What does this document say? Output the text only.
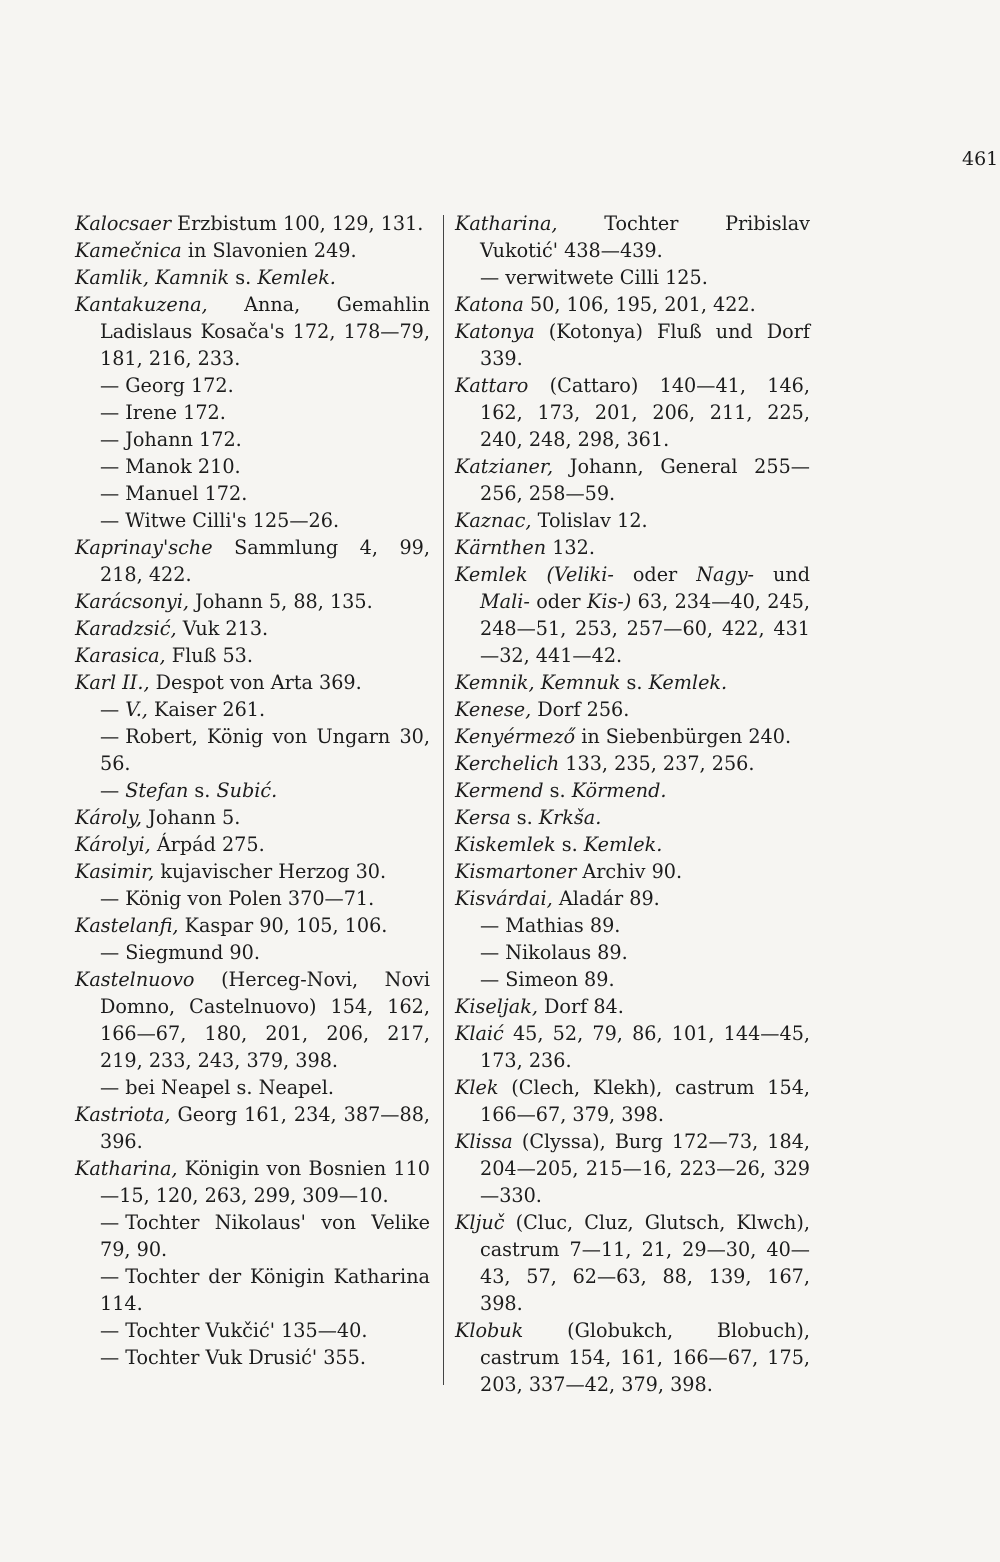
461
Kalocsaer Erzbistum 100, 129, 131.
Kamečnica in Slavonien 249.
Kamlik, Kamnik s. Kemlek.
Kantakuzena, Anna, Gemahlin Ladislaus Kosača's 172, 178—79, 181, 216, 233.
— Georg 172.
— Irene 172.
— Johann 172.
— Manok 210.
— Manuel 172.
— Witwe Cilli's 125—26.
Kaprinay'sche Sammlung 4, 99, 218, 422.
Karácsonyi, Johann 5, 88, 135.
Karadzsić, Vuk 213.
Karasica, Fluß 53.
Karl II., Despot von Arta 369.
— V., Kaiser 261.
— Robert, König von Ungarn 30, 56.
— Stefan s. Subić.
Károly, Johann 5.
Károlyi, Árpád 275.
Kasimir, kujavischer Herzog 30.
— König von Polen 370—71.
Kastelanfi, Kaspar 90, 105, 106.
— Siegmund 90.
Kastelnuovo (Herceg-Novi, Novi Domno, Castelnuovo) 154, 162, 166—67, 180, 201, 206, 217, 219, 233, 243, 379, 398.
— bei Neapel s. Neapel.
Kastriota, Georg 161, 234, 387—88, 396.
Katharina, Königin von Bosnien 110—15, 120, 263, 299, 309—10.
— Tochter Nikolaus' von Velike 79, 90.
— Tochter der Königin Katharina 114.
— Tochter Vukčić' 135—40.
— Tochter Vuk Drusić' 355.
Katharina, Tochter Pribislav Vukotić' 438—439.
— verwitwete Cilli 125.
Katona 50, 106, 195, 201, 422.
Katonya (Kotonya) Fluß und Dorf 339.
Kattaro (Cattaro) 140—41, 146, 162, 173, 201, 206, 211, 225, 240, 248, 298, 361.
Katzianer, Johann, General 255—256, 258—59.
Kaznac, Tolislav 12.
Kärnthen 132.
Kemlek (Veliki- oder Nagy- und Mali- oder Kis-) 63, 234—40, 245, 248—51, 253, 257—60, 422, 431—32, 441—42.
Kemnik, Kemnuk s. Kemlek.
Kenese, Dorf 256.
Kenyérmező in Siebenbürgen 240.
Kerchelich 133, 235, 237, 256.
Kermend s. Körmend.
Kersa s. Krkša.
Kiskemlek s. Kemlek.
Kismartoner Archiv 90.
Kisvárdai, Aladár 89.
— Mathias 89.
— Nikolaus 89.
— Simeon 89.
Kiseljak, Dorf 84.
Klaić 45, 52, 79, 86, 101, 144—45, 173, 236.
Klek (Clech, Klekh), castrum 154, 166—67, 379, 398.
Klissa (Clyssa), Burg 172—73, 184, 204—205, 215—16, 223—26, 329—330.
Ključ (Cluc, Cluz, Glutsch, Klwch), castrum 7—11, 21, 29—30, 40—43, 57, 62—63, 88, 139, 167, 398.
Klobuk (Globukch, Blobuch), castrum 154, 161, 166—67, 175, 203, 337—42, 379, 398.
